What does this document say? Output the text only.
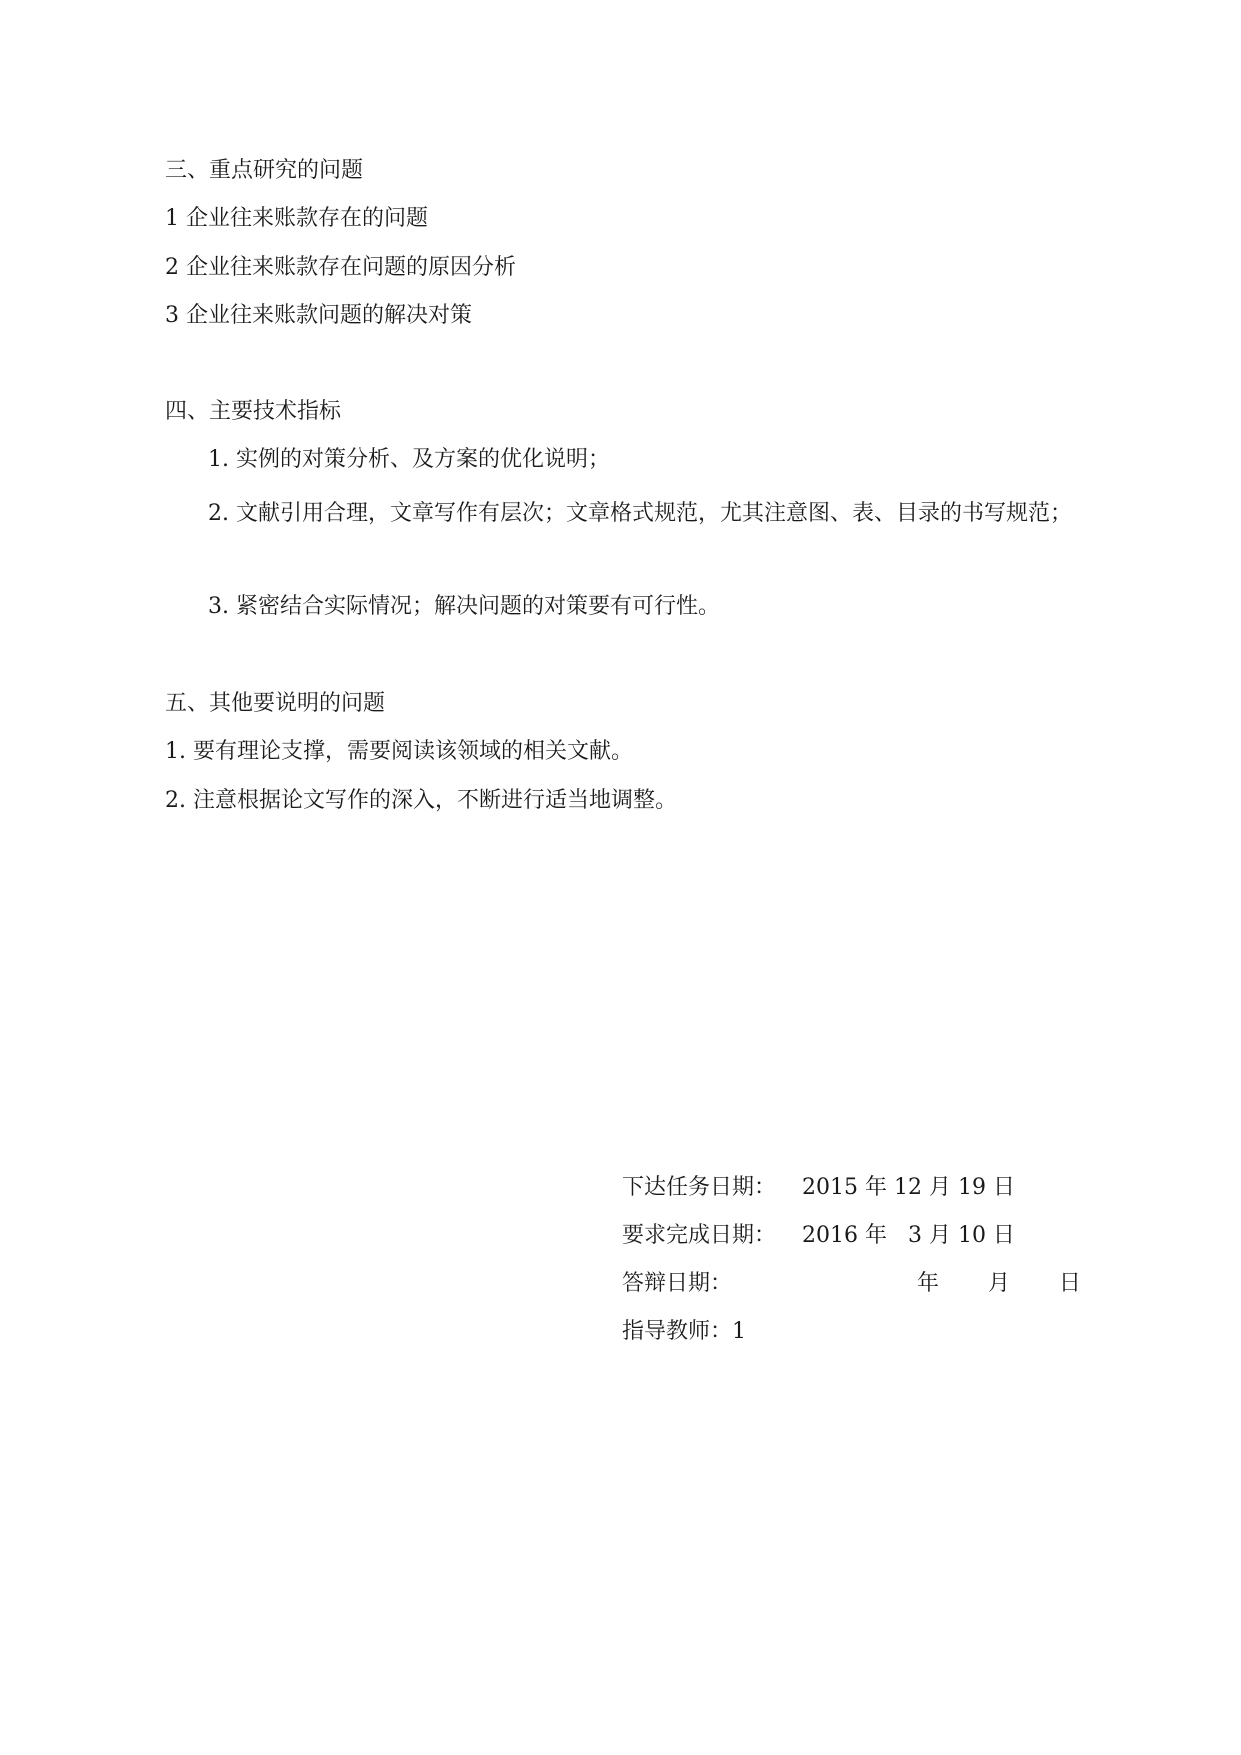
三、重点研究的问题
1 企业往来账款存在的问题
2 企业往来账款存在问题的原因分析
3 企业往来账款问题的解决对策
四、主要技术指标
1. 实例的对策分析、及方案的优化说明；
2. 文献引用合理，文章写作有层次；文章格式规范，尤其注意图、表、目录的书写规范；
3. 紧密结合实际情况；解决问题的对策要有可行性。
五、其他要说明的问题
1. 要有理论支撑，需要阅读该领域的相关文献。
2. 注意根据论文写作的深入，不断进行适当地调整。
下达任务日期： 2015 年 12 月 19 日
要求完成日期： 2016 年   3 月 10 日
答辩日期：	年       月       日
指导教师：1
